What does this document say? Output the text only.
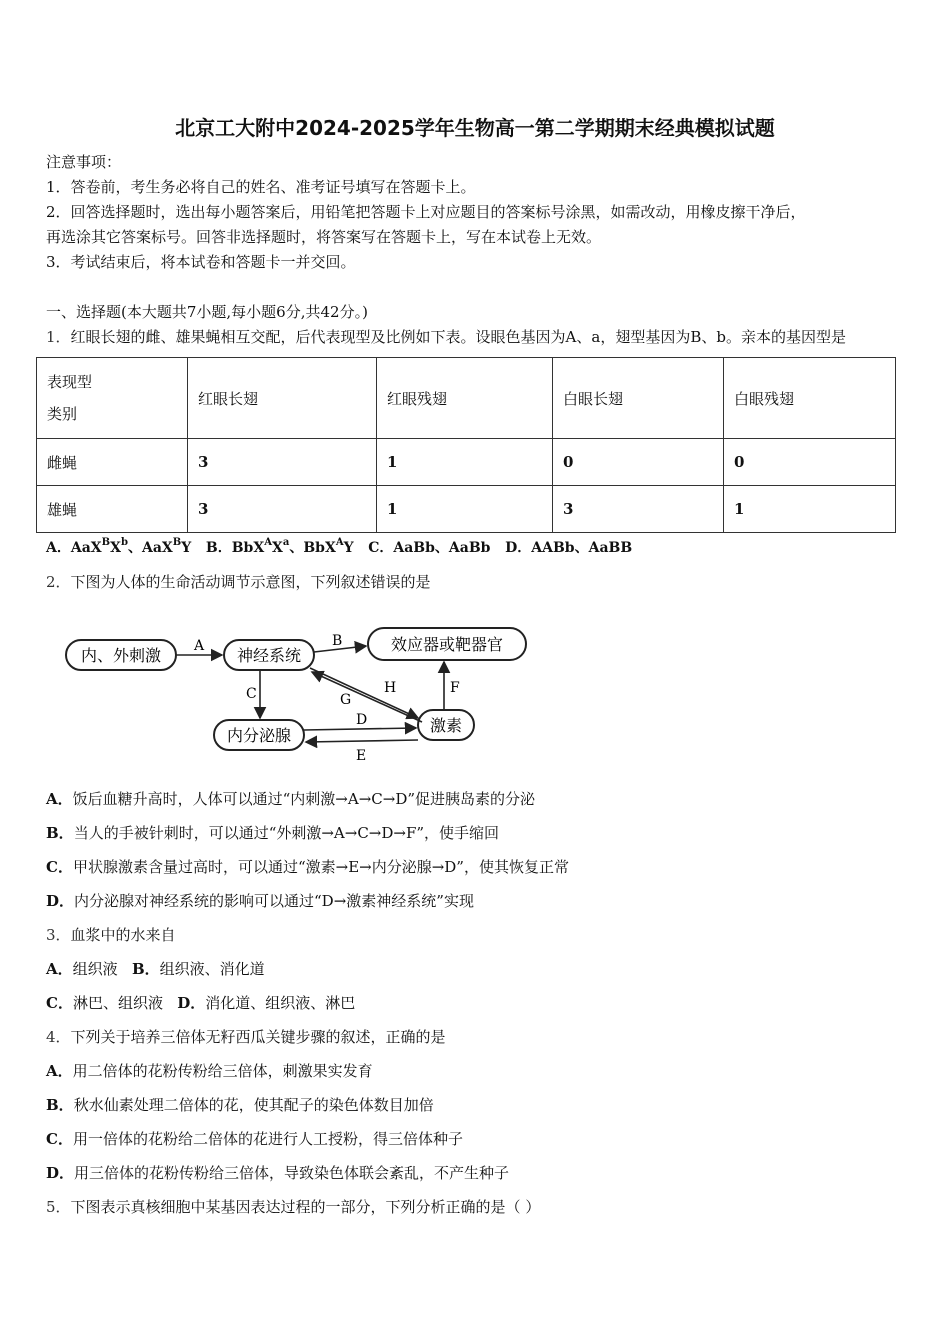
北京工大附中2024-2025学年生物高一第二学期期末经典模拟试题
注意事项：
1．答卷前，考生务必将自己的姓名、准考证号填写在答题卡上。
2．回答选择题时，选出每小题答案后，用铅笔把答题卡上对应题目的答案标号涂黑，如需改动，用橡皮擦干净后，
再选涂其它答案标号。回答非选择题时，将答案写在答题卡上，写在本试卷上无效。
3．考试结束后，将本试卷和答题卡一并交回。
一、选择题(本大题共7小题,每小题6分,共42分。)
1．红眼长翅的雌、雄果蝇相互交配，后代表现型及比例如下表。设眼色基因为A、a，翅型基因为B、b。亲本的基因型是
表现型
类别	红眼长翅	红眼残翅	白眼长翅	白眼残翅
雌蝇	3	1	0	0
雄蝇	3	1	3	1
A．$AaX^BX^b$、AaX$^B$Y B．$BbX^AX^a$、BbX$^A$Y C．AaBb、AaBb D．AABb、AaBB
2．下图为人体的生命活动调节示意图，下列叙述错误的是
内、外刺激	神经系统
效应器或靶器官
内分泌腺
激素
A	B
C
D
E
F
H
G
A．饭后血糖升高时，人体可以通过“内刺激→A→C→D”促进胰岛素的分泌
B．当人的手被针刺时，可以通过“外刺激→A→C→D→F”，使手缩回
C．甲状腺激素含量过高时，可以通过“激素→E→内分泌腺→D”，使其恢复正常
D．内分泌腺对神经系统的影响可以通过“D→激素神经系统”实现
3．血浆中的水来自
A．组织液 B．组织液、消化道
C．淋巴、组织液 D．消化道、组织液、淋巴
4．下列关于培养三倍体无籽西瓜关键步骤的叙述，正确的是
A．用二倍体的花粉传粉给三倍体，刺激果实发育
B．秋水仙素处理二倍体的花，使其配子的染色体数目加倍
C．用一倍体的花粉给二倍体的花进行人工授粉，得三倍体种子
D．用三倍体的花粉传粉给三倍体，导致染色体联会紊乱，不产生种子
5．下图表示真核细胞中某基因表达过程的一部分，下列分析正确的是（ ）
